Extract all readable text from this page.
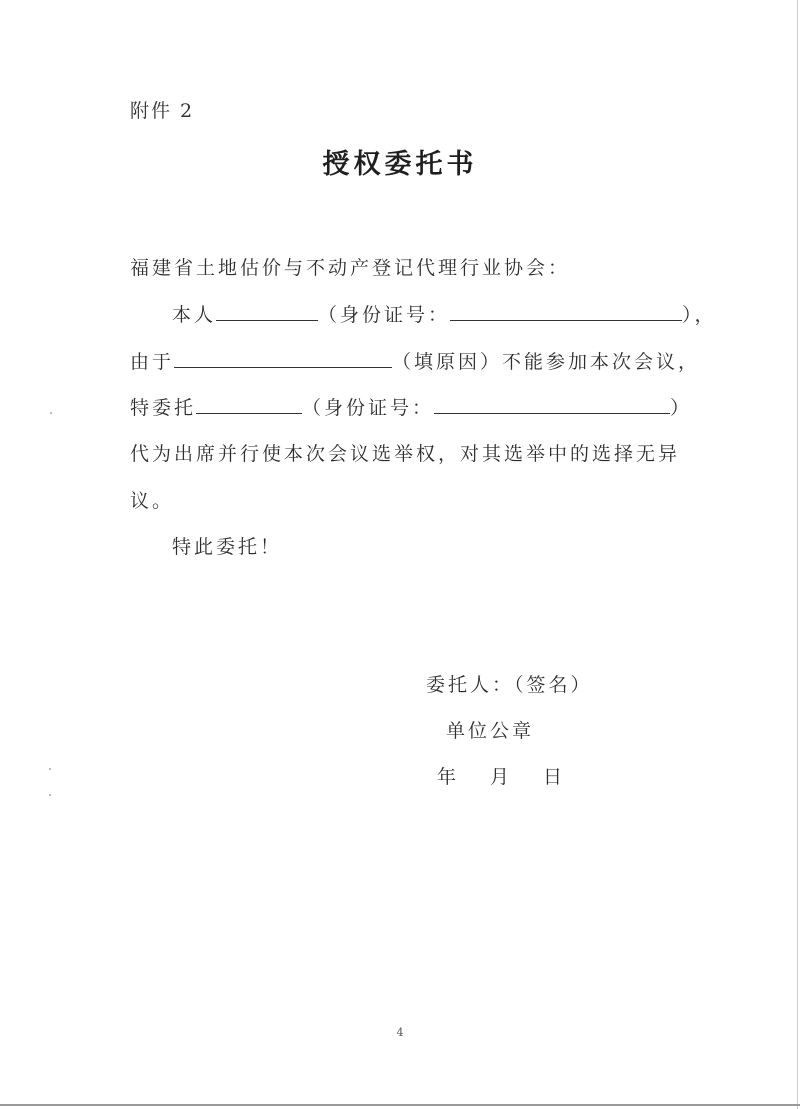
附件 2
授权委托书
福建省土地估价与不动产登记代理行业协会：
本人	（身份证号：	），
由于	（填原因）不能参加本次会议，
特委托	（身份证号：	）
代为出席并行使本次会议选举权，对其选举中的选择无异
议。
特此委托！
委托人：（签名）
单位公章
年 月 日
4
